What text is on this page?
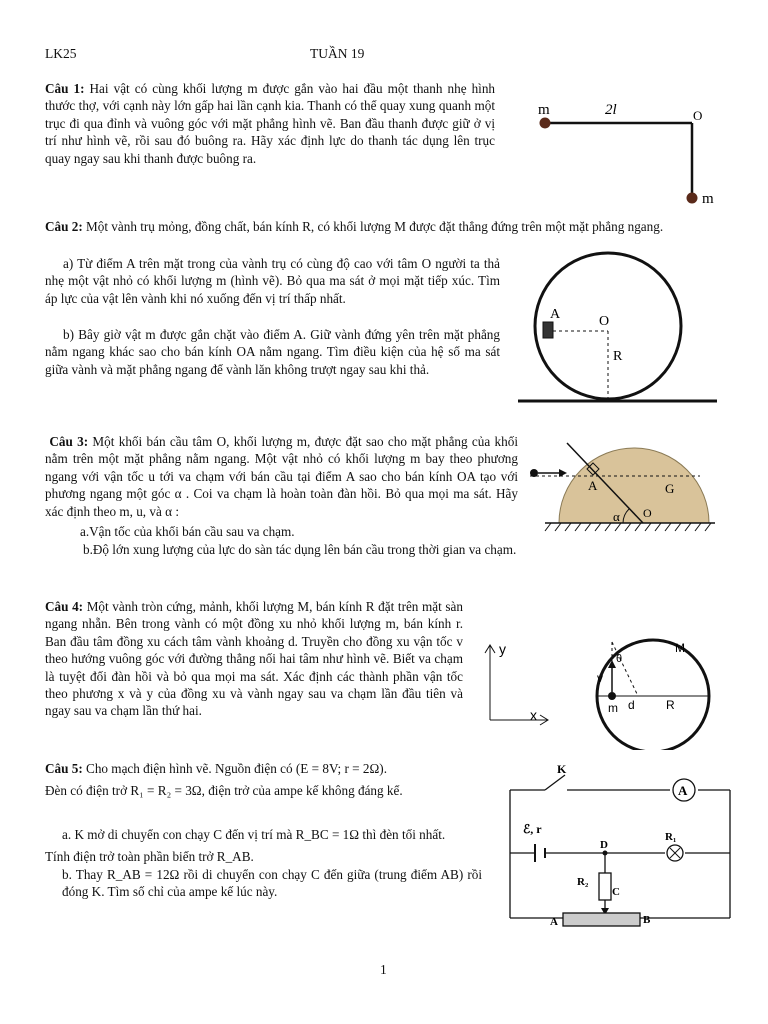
LK25	TUẦN 19
Câu 1: Hai vật có cùng khối lượng m được gắn vào hai đầu một thanh nhẹ hình thước thợ, với cạnh này lớn gấp hai lần cạnh kia. Thanh có thể quay xung quanh một trục đi qua đỉnh và vuông góc với mặt phẳng hình vẽ. Ban đầu thanh được giữ ở vị trí như hình vẽ, rồi sau đó buông ra. Hãy xác định lực do thanh tác dụng lên trục quay ngay sau khi thanh được buông ra.
m	2l	O
m
Câu 2: Một vành trụ mỏng, đồng chất, bán kính R, có khối lượng M được đặt thẳng đứng trên một mặt phẳng ngang.
a) Từ điểm A trên mặt trong của vành trụ có cùng độ cao với tâm O người ta thả nhẹ một vật nhỏ có khối lượng m (hình vẽ). Bỏ qua ma sát ở mọi mặt tiếp xúc. Tìm áp lực của vật lên vành khi nó xuống đến vị trí thấp nhất.
b) Bây giờ vật m được gắn chặt vào điểm A. Giữ vành đứng yên trên mặt phẳng nằm ngang khác sao cho bán kính OA nằm ngang. Tìm điều kiện của hệ số ma sát giữa vành và mặt phẳng ngang để vành lăn không trượt ngay sau khi thả.
A	O
R
Câu 3: Một khối bán cầu tâm O, khối lượng m, được đặt sao cho mặt phẳng của khối nằm trên một mặt phẳng nằm ngang. Một vật nhỏ có khối lượng m bay theo phương ngang với vận tốc u tới va chạm với bán cầu tại điểm A sao cho bán kính OA tạo với phương ngang một góc α . Coi va chạm là hoàn toàn đàn hồi. Bỏ qua mọi ma sát. Hãy xác định theo m, u, và α :
a.Vận tốc của khối bán cầu sau va chạm.
b.Độ lớn xung lượng của lực do sàn tác dụng lên bán cầu trong thời gian va chạm.
A	G
O
α
Câu 4: Một vành tròn cứng, mảnh, khối lượng M, bán kính R đặt trên mặt sàn ngang nhẵn. Bên trong vành có một đồng xu nhỏ khối lượng m, bán kính r. Ban đầu tâm đồng xu cách tâm vành khoảng d. Truyền cho đồng xu vận tốc v theo hướng vuông góc với đường thẳng nối hai tâm như hình vẽ. Biết va chạm là tuyệt đối đàn hồi và bỏ qua mọi ma sát. Xác định các thành phần vận tốc theo phương x và y của đồng xu và vành ngay sau va chạm lần đầu tiên và ngay sau va chạm lần thứ hai.
y
x
M
θ
v
m d	R
Câu 5: Cho mạch điện hình vẽ. Nguồn điện có (E = 8V; r = 2Ω).
Đèn có điện trở R₁ = R₂ = 3Ω, điện trở của ampe kế không đáng kể.
a. K mở di chuyển con chạy C đến vị trí mà R_BC = 1Ω thì đèn tối nhất.
Tính điện trở toàn phần biến trở R_AB.
b. Thay R_AB = 12Ω rồi di chuyển con chạy C đến giữa (trung điểm AB) rồi đóng K. Tìm số chỉ của ampe kế lúc này.
A
K
ℰ, r
D
R₁
R₂
C
A	B
1
